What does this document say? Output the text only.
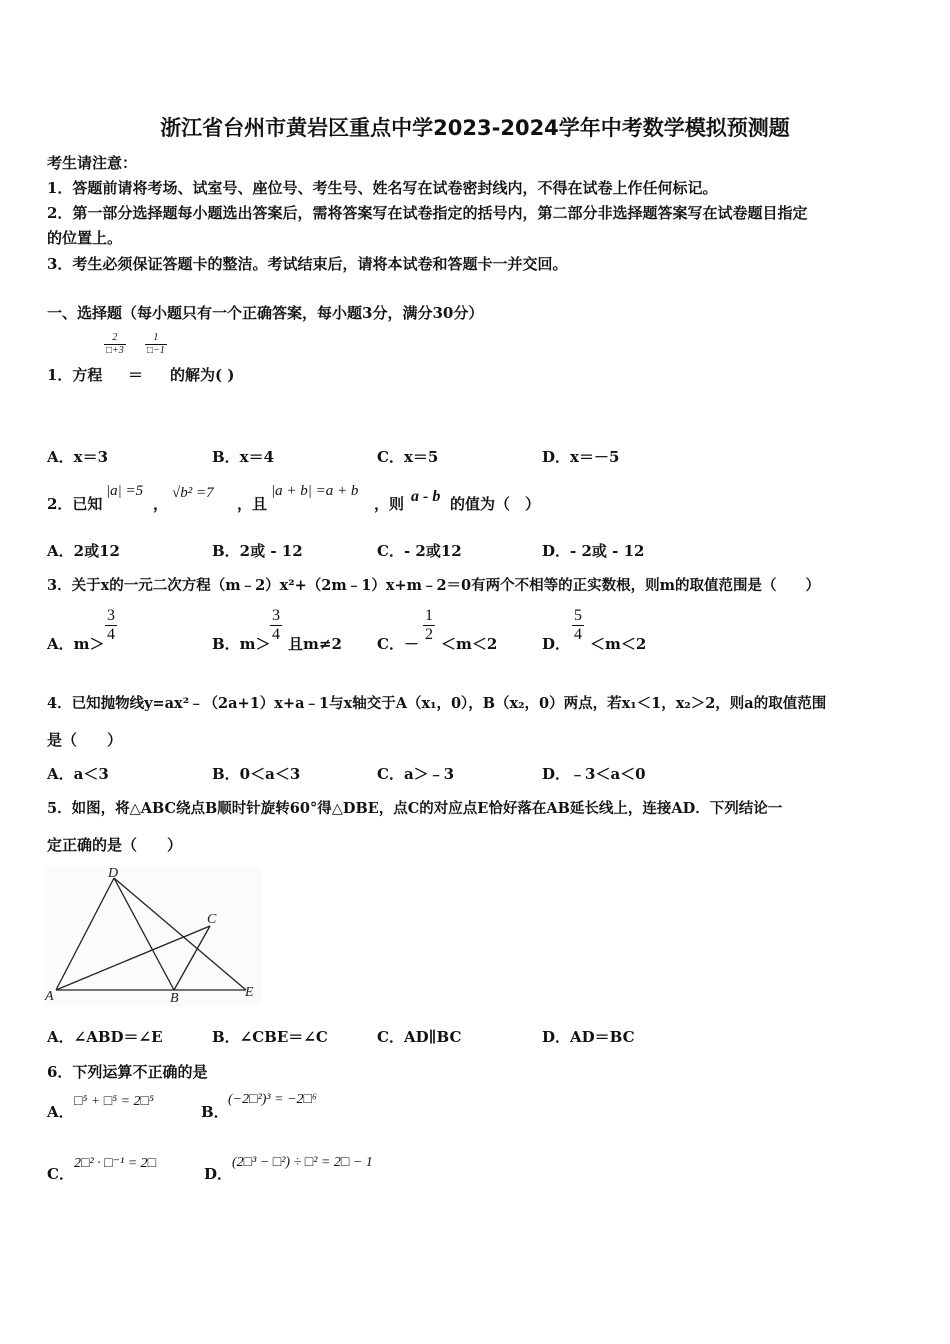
浙江省台州市黄岩区重点中学2023-2024学年中考数学模拟预测题
考生请注意：
1．答题前请将考场、试室号、座位号、考生号、姓名写在试卷密封线内，不得在试卷上作任何标记。
2．第一部分选择题每小题选出答案后，需将答案写在试卷指定的括号内，第二部分非选择题答案写在试卷题目指定
的位置上。
3．考生必须保证答题卡的整洁。考试结束后，请将本试卷和答题卡一并交回。
一、选择题（每小题只有一个正确答案，每小题3分，满分30分）
1．方程
$\frac{2}{□+3}$
＝
$\frac{1}{□-1}$
的解为( )
A．x＝3	B．x＝4	C．x＝5	D．x＝－5
2．已知
|a| =5
，
√b² =7
，且
|a + b| =a + b
，则 a - b 的值为（　）
A．2或12	B．2或 - 12	C．- 2或12	D．- 2或 - 12
3．关于x的一元二次方程（m﹣2）x²+（2m﹣1）x+m﹣2＝0有两个不相等的正实数根，则m的取值范围是（　　）
A．m＞
$\frac{3}{4}$
B．m＞
$\frac{3}{4}$
且m≠2 C．－
$\frac{1}{2}$
＜m＜2	D．
$\frac{5}{4}$
＜m＜2
4．已知抛物线y=ax²﹣（2a+1）x+a﹣1与x轴交于A（x₁，0），B（x₂，0）两点，若x₁＜1，x₂＞2，则a的取值范围
是（　　）
A．a＜3	B．0＜a＜3	C．a＞﹣3	D．﹣3＜a＜0
5．如图，将△ABC绕点B顺时针旋转60°得△DBE，点C的对应点E恰好落在AB延长线上，连接AD．下列结论一
定正确的是（　　）
D
C
A	B	E
A．∠ABD＝∠E	B．∠CBE＝∠C	C．AD∥BC	D．AD＝BC
6．下列运算不正确的是
A．
□⁵ + □⁵ = 2□⁵
B．
(−2□²)³ = −2□⁶
C．
2□² · □⁻¹ = 2□
D．
(2□³ − □²) ÷ □² = 2□ − 1
